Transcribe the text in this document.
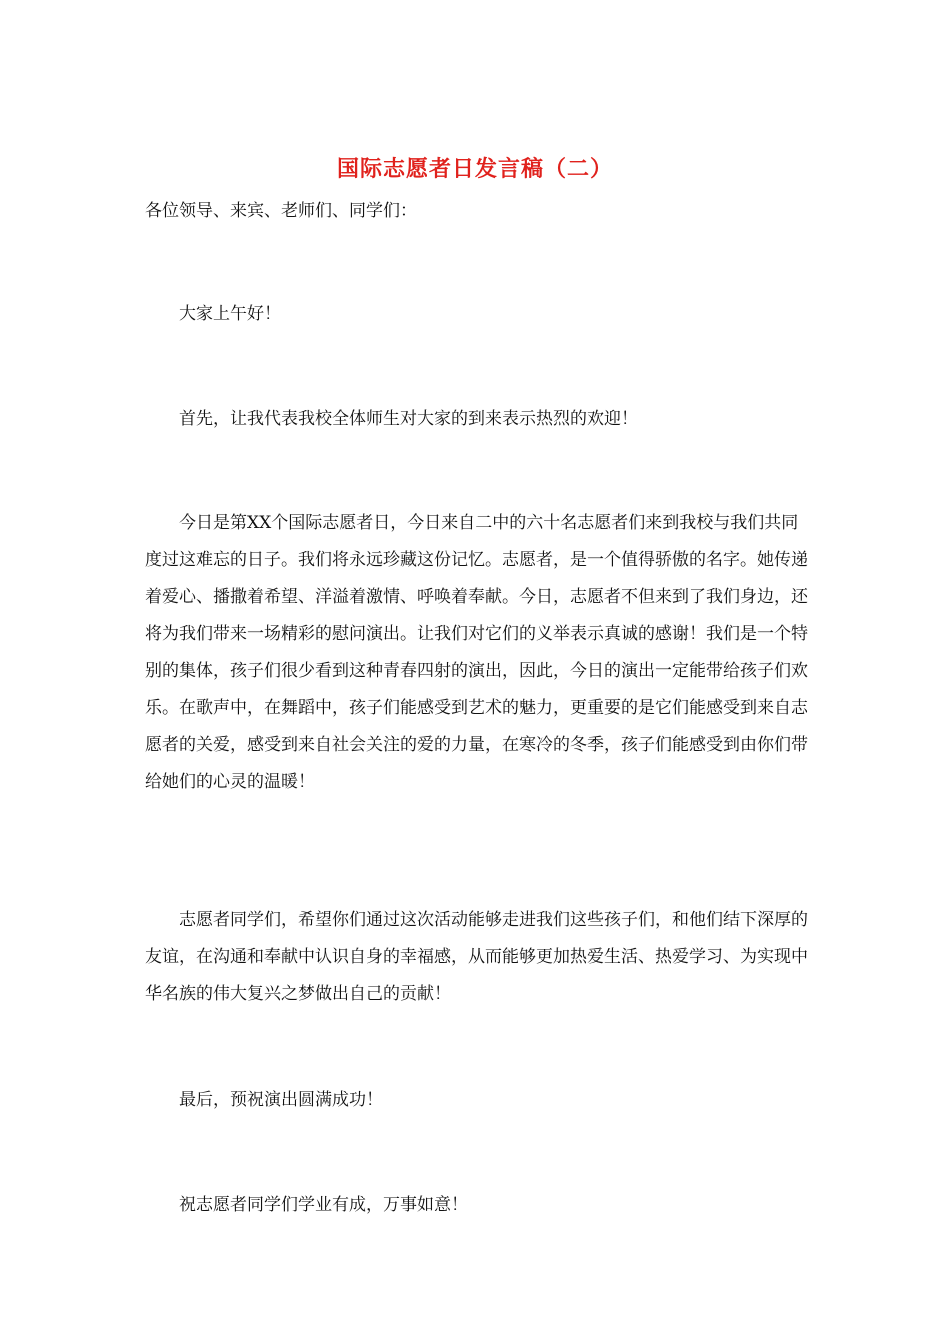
国际志愿者日发言稿（二）

各位领导、来宾、老师们、同学们：

大家上午好！

首先，让我代表我校全体师生对大家的到来表示热烈的欢迎！

今日是第XX个国际志愿者日，今日来自二中的六十名志愿者们来到我校与我们共同度过这难忘的日子。我们将永远珍藏这份记忆。志愿者，是一个值得骄傲的名字。她传递着爱心、播撒着希望、洋溢着激情、呼唤着奉献。今日，志愿者不但来到了我们身边，还将为我们带来一场精彩的慰问演出。让我们对它们的义举表示真诚的感谢！我们是一个特别的集体，孩子们很少看到这种青春四射的演出，因此，今日的演出一定能带给孩子们欢乐。在歌声中，在舞蹈中，孩子们能感受到艺术的魅力，更重要的是它们能感受到来自志愿者的关爱，感受到来自社会关注的爱的力量，在寒冷的冬季，孩子们能感受到由你们带给她们的心灵的温暖！

志愿者同学们，希望你们通过这次活动能够走进我们这些孩子们，和他们结下深厚的友谊，在沟通和奉献中认识自身的幸福感，从而能够更加热爱生活、热爱学习、为实现中华名族的伟大复兴之梦做出自己的贡献！

最后，预祝演出圆满成功！

祝志愿者同学们学业有成，万事如意！
